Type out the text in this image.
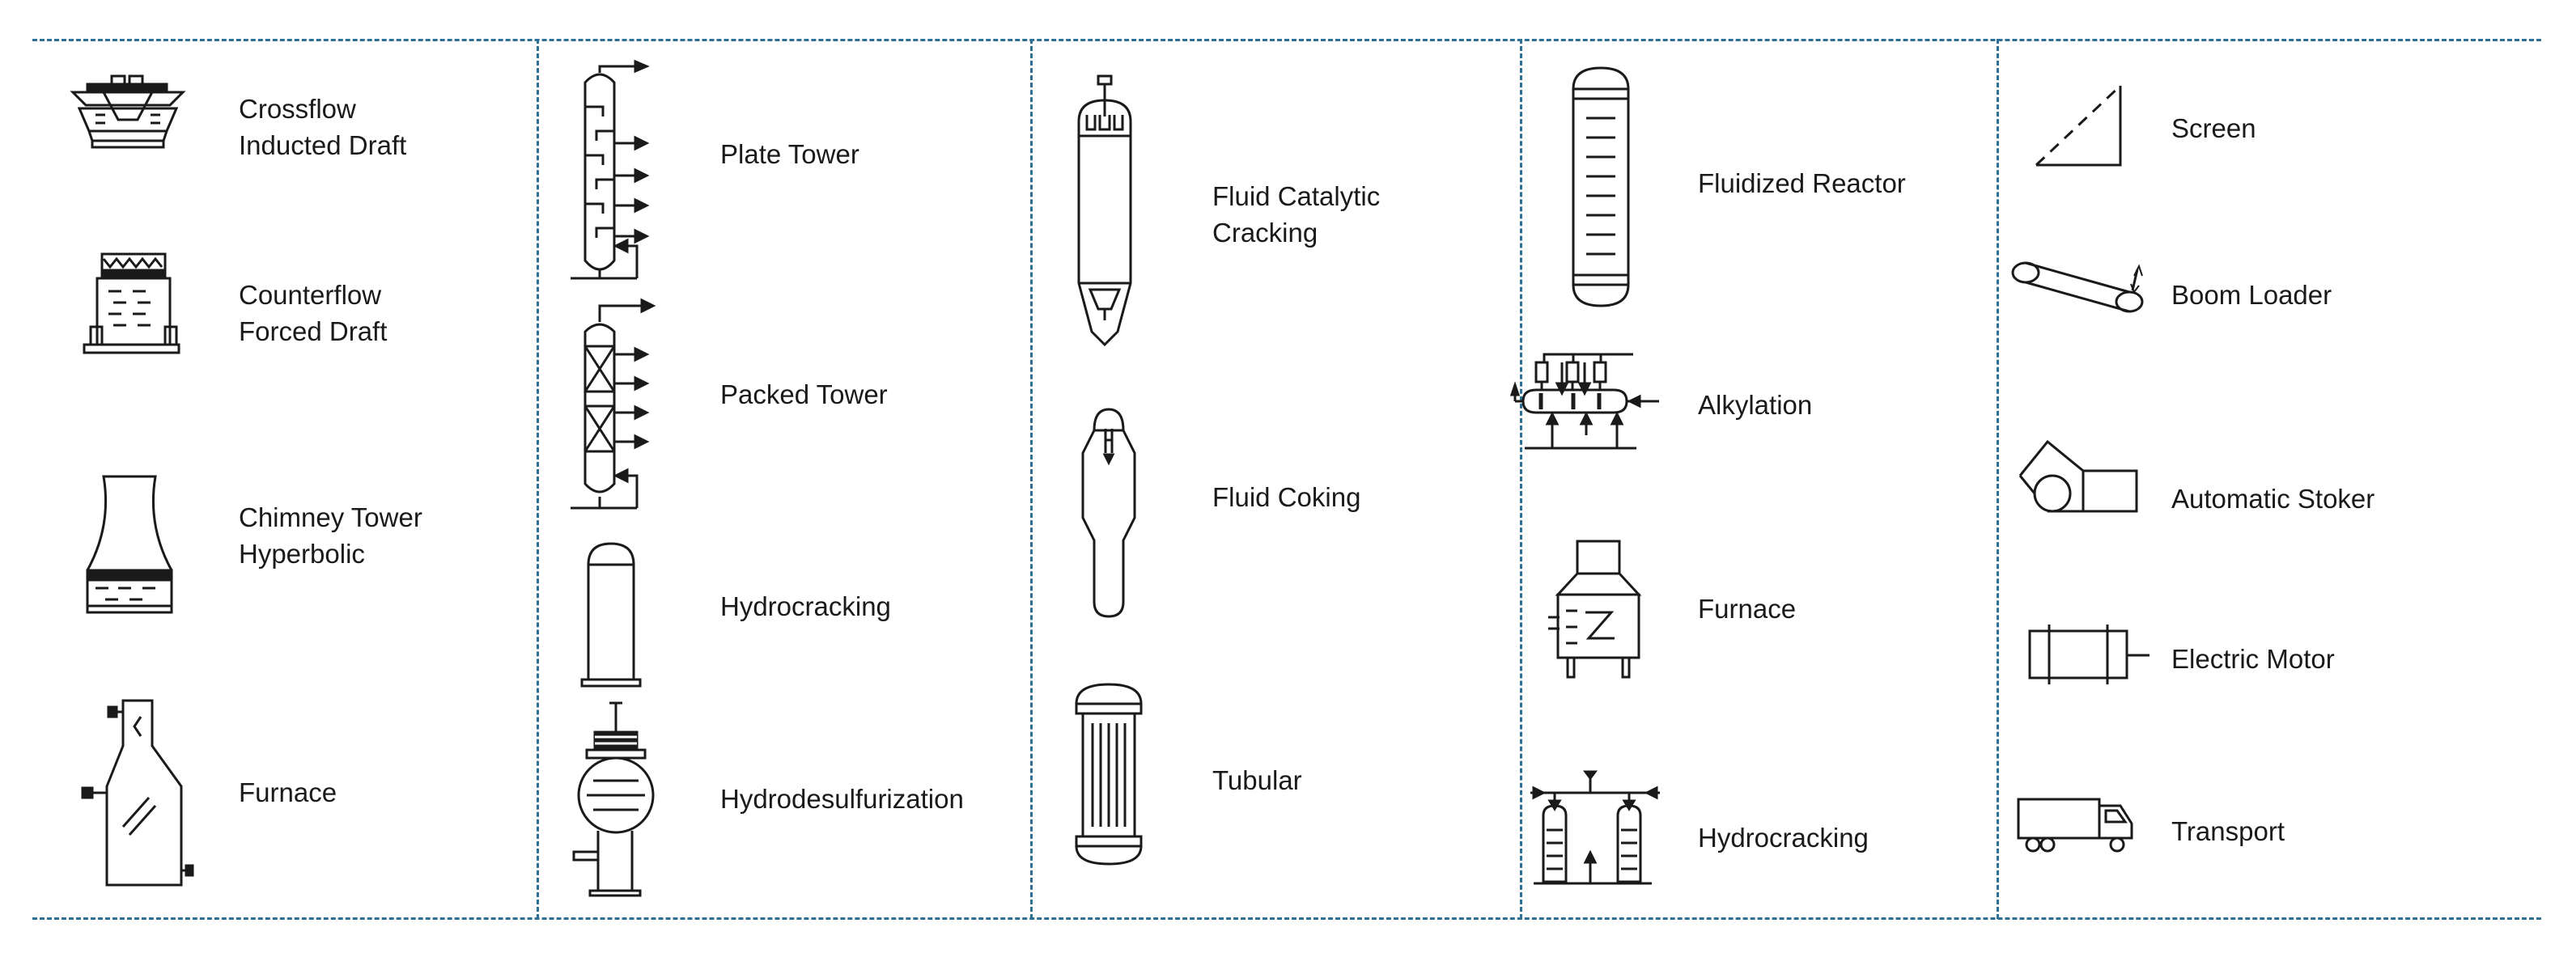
Crossflow
Inducted Draft
Counterflow
Forced Draft
Chimney Tower
Hyperbolic
Furnace
Plate Tower
Packed Tower
Hydrocracking
Hydrodesulfurization
Fluid Catalytic
Cracking
Fluid Coking
Tubular
Fluidized Reactor
Alkylation
Furnace
Hydrocracking
Screen
Boom Loader
Automatic Stoker
Electric Motor
Transport
